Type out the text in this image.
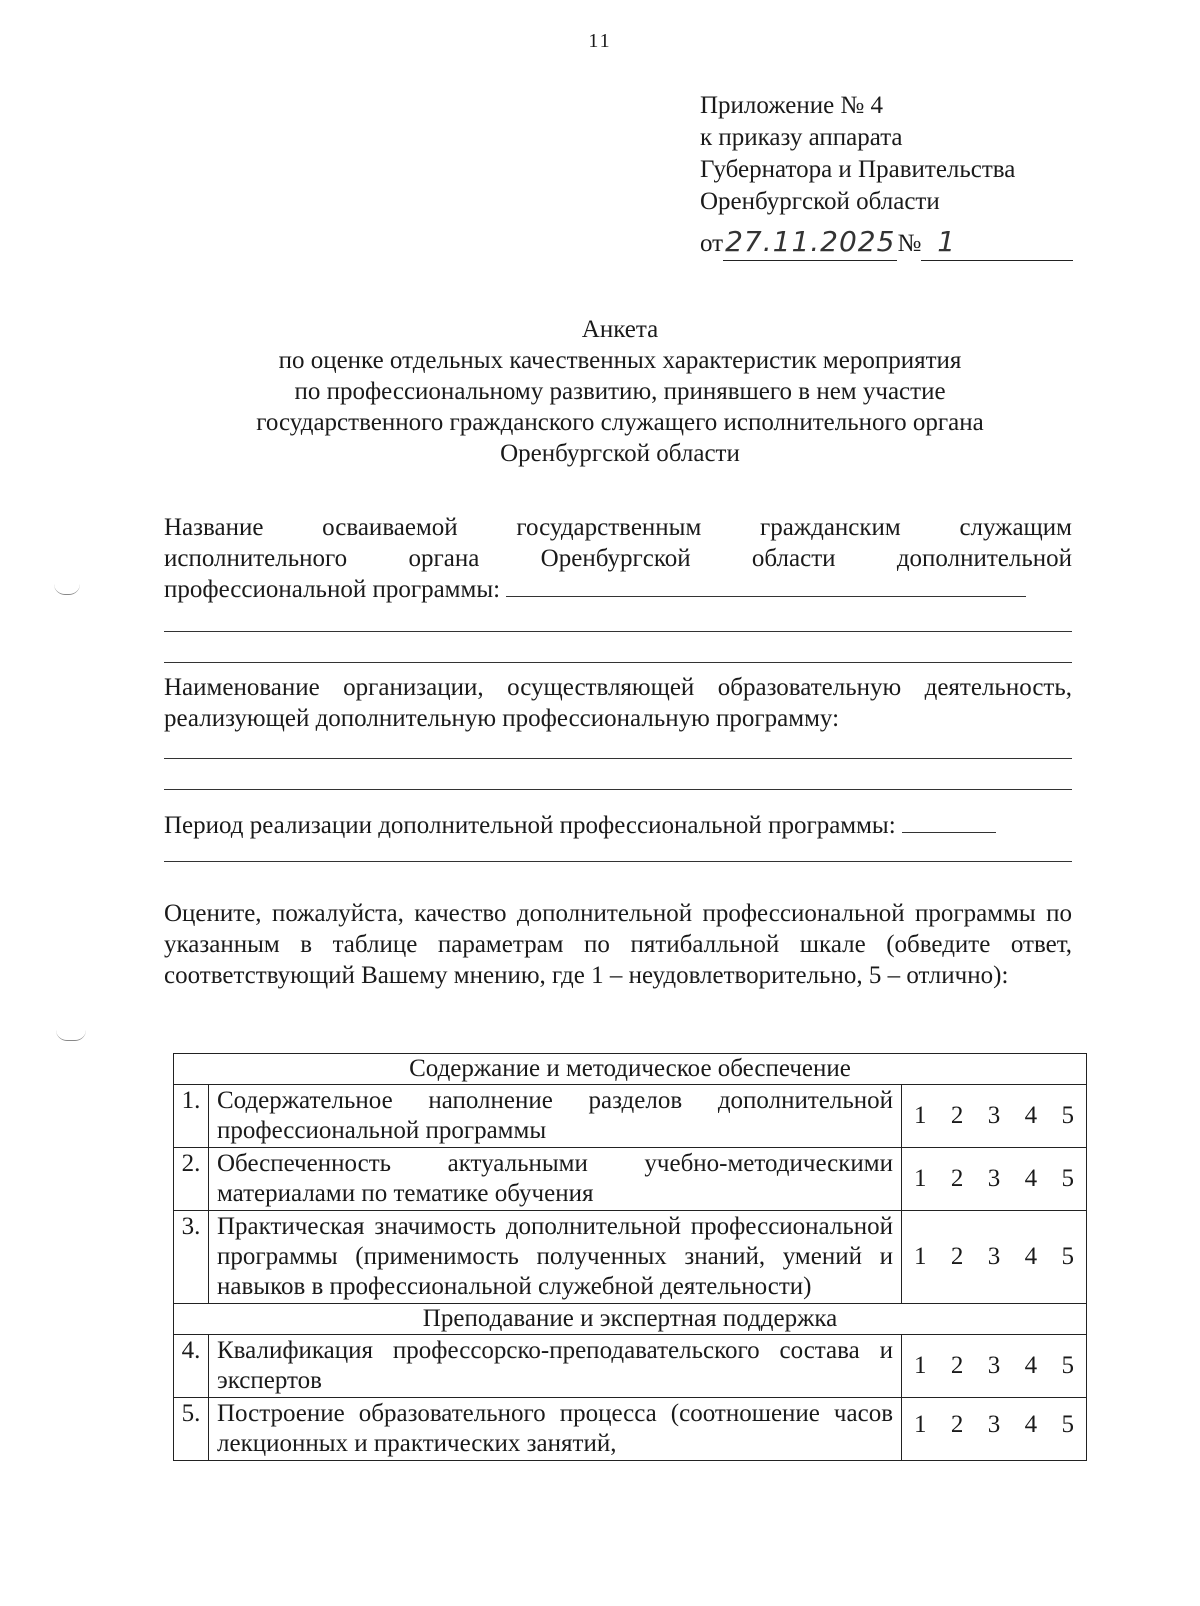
11
Приложение № 4
к приказу аппарата
Губернатора и Правительства
Оренбургской области
от27.11.2025№ 1
Анкета
по оценке отдельных качественных характеристик мероприятия
по профессиональному развитию, принявшего в нем участие
государственного гражданского служащего исполнительного органа
Оренбургской области
Название осваиваемой государственным гражданским служащим
исполнительного органа Оренбургской области дополнительной
профессиональной программы:
Наименование организации, осуществляющей образовательную деятельность,
реализующей дополнительную профессиональную программу:
Период реализации дополнительной профессиональной программы:
Оцените, пожалуйста, качество дополнительной профессиональной программы по указанным в таблице параметрам по пятибалльной шкале (обведите ответ, соответствующий Вашему мнению, где 1 – неудовлетворительно, 5 – отлично):
Содержание и методическое обеспечение		
1.	Содержательное наполнение разделов дополнительной профессиональной программы	1 2 3 4 5

2.	Обеспеченность актуальными учебно-методическими материалами по тематике обучения	1 2 3 4 5

3.	Практическая значимость дополнительной профессиональной программы (применимость полученных знаний, умений и навыков в профессиональной служебной деятельности)	1 2 3 4 5

Преподавание и экспертная поддержка		
4.	Квалификация профессорско-преподавательского состава и экспертов	1 2 3 4 5

5.	Построение образовательного процесса (соотношение часов лекционных и практических занятий,	1 2 3 4 5
